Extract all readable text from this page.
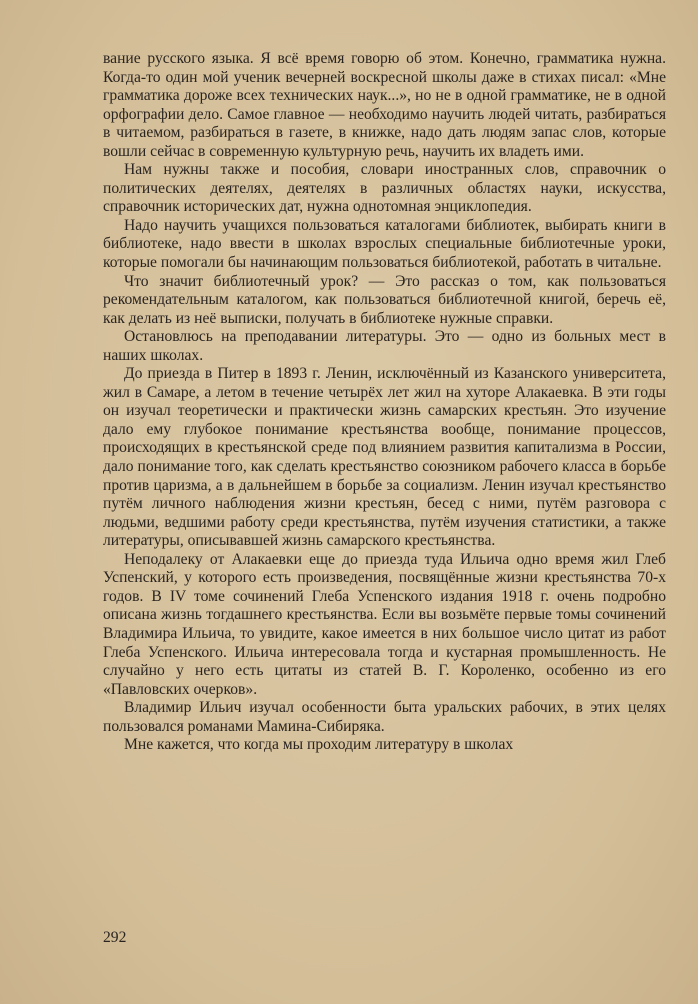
вание русского языка. Я всё время говорю об этом. Конечно, грамматика нужна. Когда-то один мой ученик вечерней воскресной школы даже в стихах писал: «Мне грамматика дороже всех технических наук...», но не в одной грамматике, не в одной орфографии дело. Самое главное — необходимо научить людей читать, разбираться в читаемом, разбираться в газете, в книжке, надо дать людям запас слов, которые вошли сейчас в современную культурную речь, научить их владеть ими.

Нам нужны также и пособия, словари иностранных слов, справочник о политических деятелях, деятелях в различных областях науки, искусства, справочник исторических дат, нужна однотомная энциклопедия.

Надо научить учащихся пользоваться каталогами библиотек, выбирать книги в библиотеке, надо ввести в школах взрослых специальные библиотечные уроки, которые помогали бы начинающим пользоваться библиотекой, работать в читальне.

Что значит библиотечный урок? — Это рассказ о том, как пользоваться рекомендательным каталогом, как пользоваться библиотечной книгой, беречь её, как делать из неё выписки, получать в библиотеке нужные справки.

Остановлюсь на преподавании литературы. Это — одно из больных мест в наших школах.

До приезда в Питер в 1893 г. Ленин, исключённый из Казанского университета, жил в Самаре, а летом в течение четырёх лет жил на хуторе Алакаевка. В эти годы он изучал теоретически и практически жизнь самарских крестьян. Это изучение дало ему глубокое понимание крестьянства вообще, понимание процессов, происходящих в крестьянской среде под влиянием развития капитализма в России, дало понимание того, как сделать крестьянство союзником рабочего класса в борьбе против царизма, а в дальнейшем в борьбе за социализм. Ленин изучал крестьянство путём личного наблюдения жизни крестьян, бесед с ними, путём разговора с людьми, ведшими работу среди крестьянства, путём изучения статистики, а также литературы, описывавшей жизнь самарского крестьянства.

Неподалеку от Алакаевки еще до приезда туда Ильича одно время жил Глеб Успенский, у которого есть произведения, посвящённые жизни крестьянства 70-х годов. В IV томе сочинений Глеба Успенского издания 1918 г. очень подробно описана жизнь тогдашнего крестьянства. Если вы возьмёте первые томы сочинений Владимира Ильича, то увидите, какое имеется в них большое число цитат из работ Глеба Успенского. Ильича интересовала тогда и кустарная промышленность. Не случайно у него есть цитаты из статей В. Г. Короленко, особенно из его «Павловских очерков».

Владимир Ильич изучал особенности быта уральских рабочих, в этих целях пользовался романами Мамина-Сибиряка.

Мне кажется, что когда мы проходим литературу в школах

292
